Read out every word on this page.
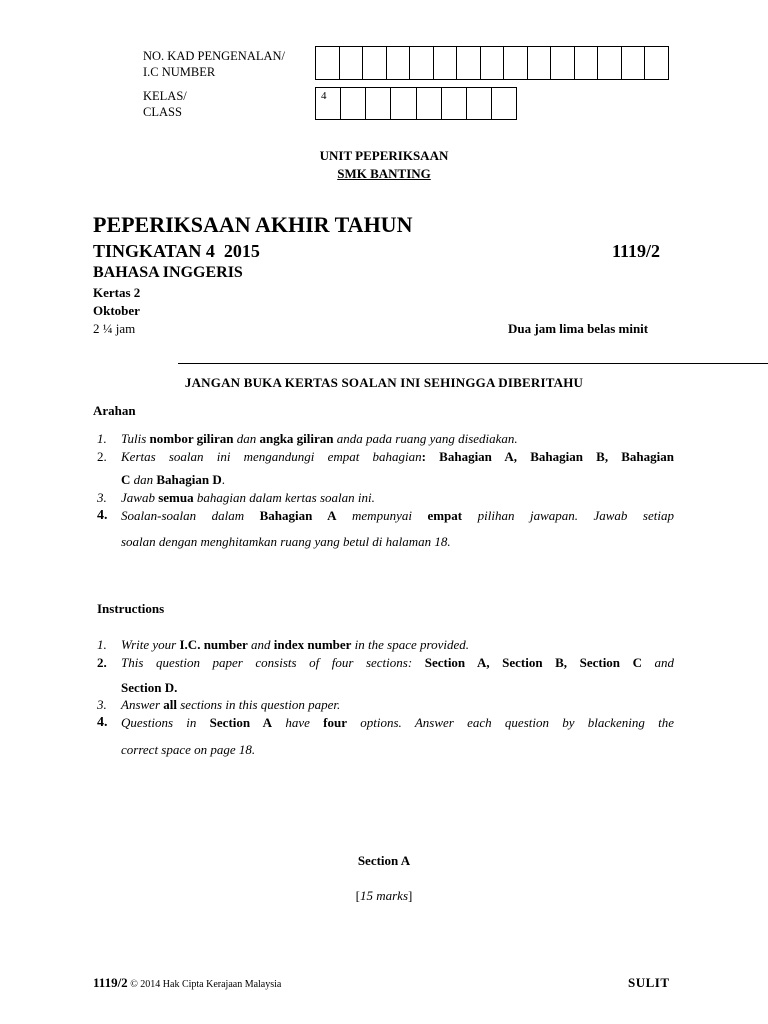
NO. KAD PENGENALAN/
I.C NUMBER
KELAS/
CLASS
4
UNIT PEPERIKSAAN
SMK BANTING
PEPERIKSAAN AKHIR TAHUN
TINGKATAN 4  2015	1119/2
BAHASA INGGERIS
Kertas 2
Oktober
2 ¼ jam	Dua jam lima belas minit
JANGAN BUKA KERTAS SOALAN INI SEHINGGA DIBERITAHU
Arahan
1.	Tulis nombor giliran dan angka giliran anda pada ruang yang disediakan.
2.	Kertas soalan ini mengandungi empat bahagian: Bahagian A, Bahagian B, Bahagian
C dan Bahagian D.
3.	Jawab semua bahagian dalam kertas soalan ini.
4.	Soalan-soalan dalam Bahagian A mempunyai empat pilihan jawapan. Jawab setiap
soalan dengan menghitamkan ruang yang betul di halaman 18.
Instructions
1.	Write your I.C. number and index number in the space provided.
2.	This question paper consists of four sections: Section A, Section B, Section C and
Section D.
3.	Answer all sections in this question paper.
4.	Questions in Section A have four options. Answer each question by blackening the
correct space on page 18.
Section A
[15 marks]
1119/2 © 2014 Hak Cipta Kerajaan Malaysia	SULIT
